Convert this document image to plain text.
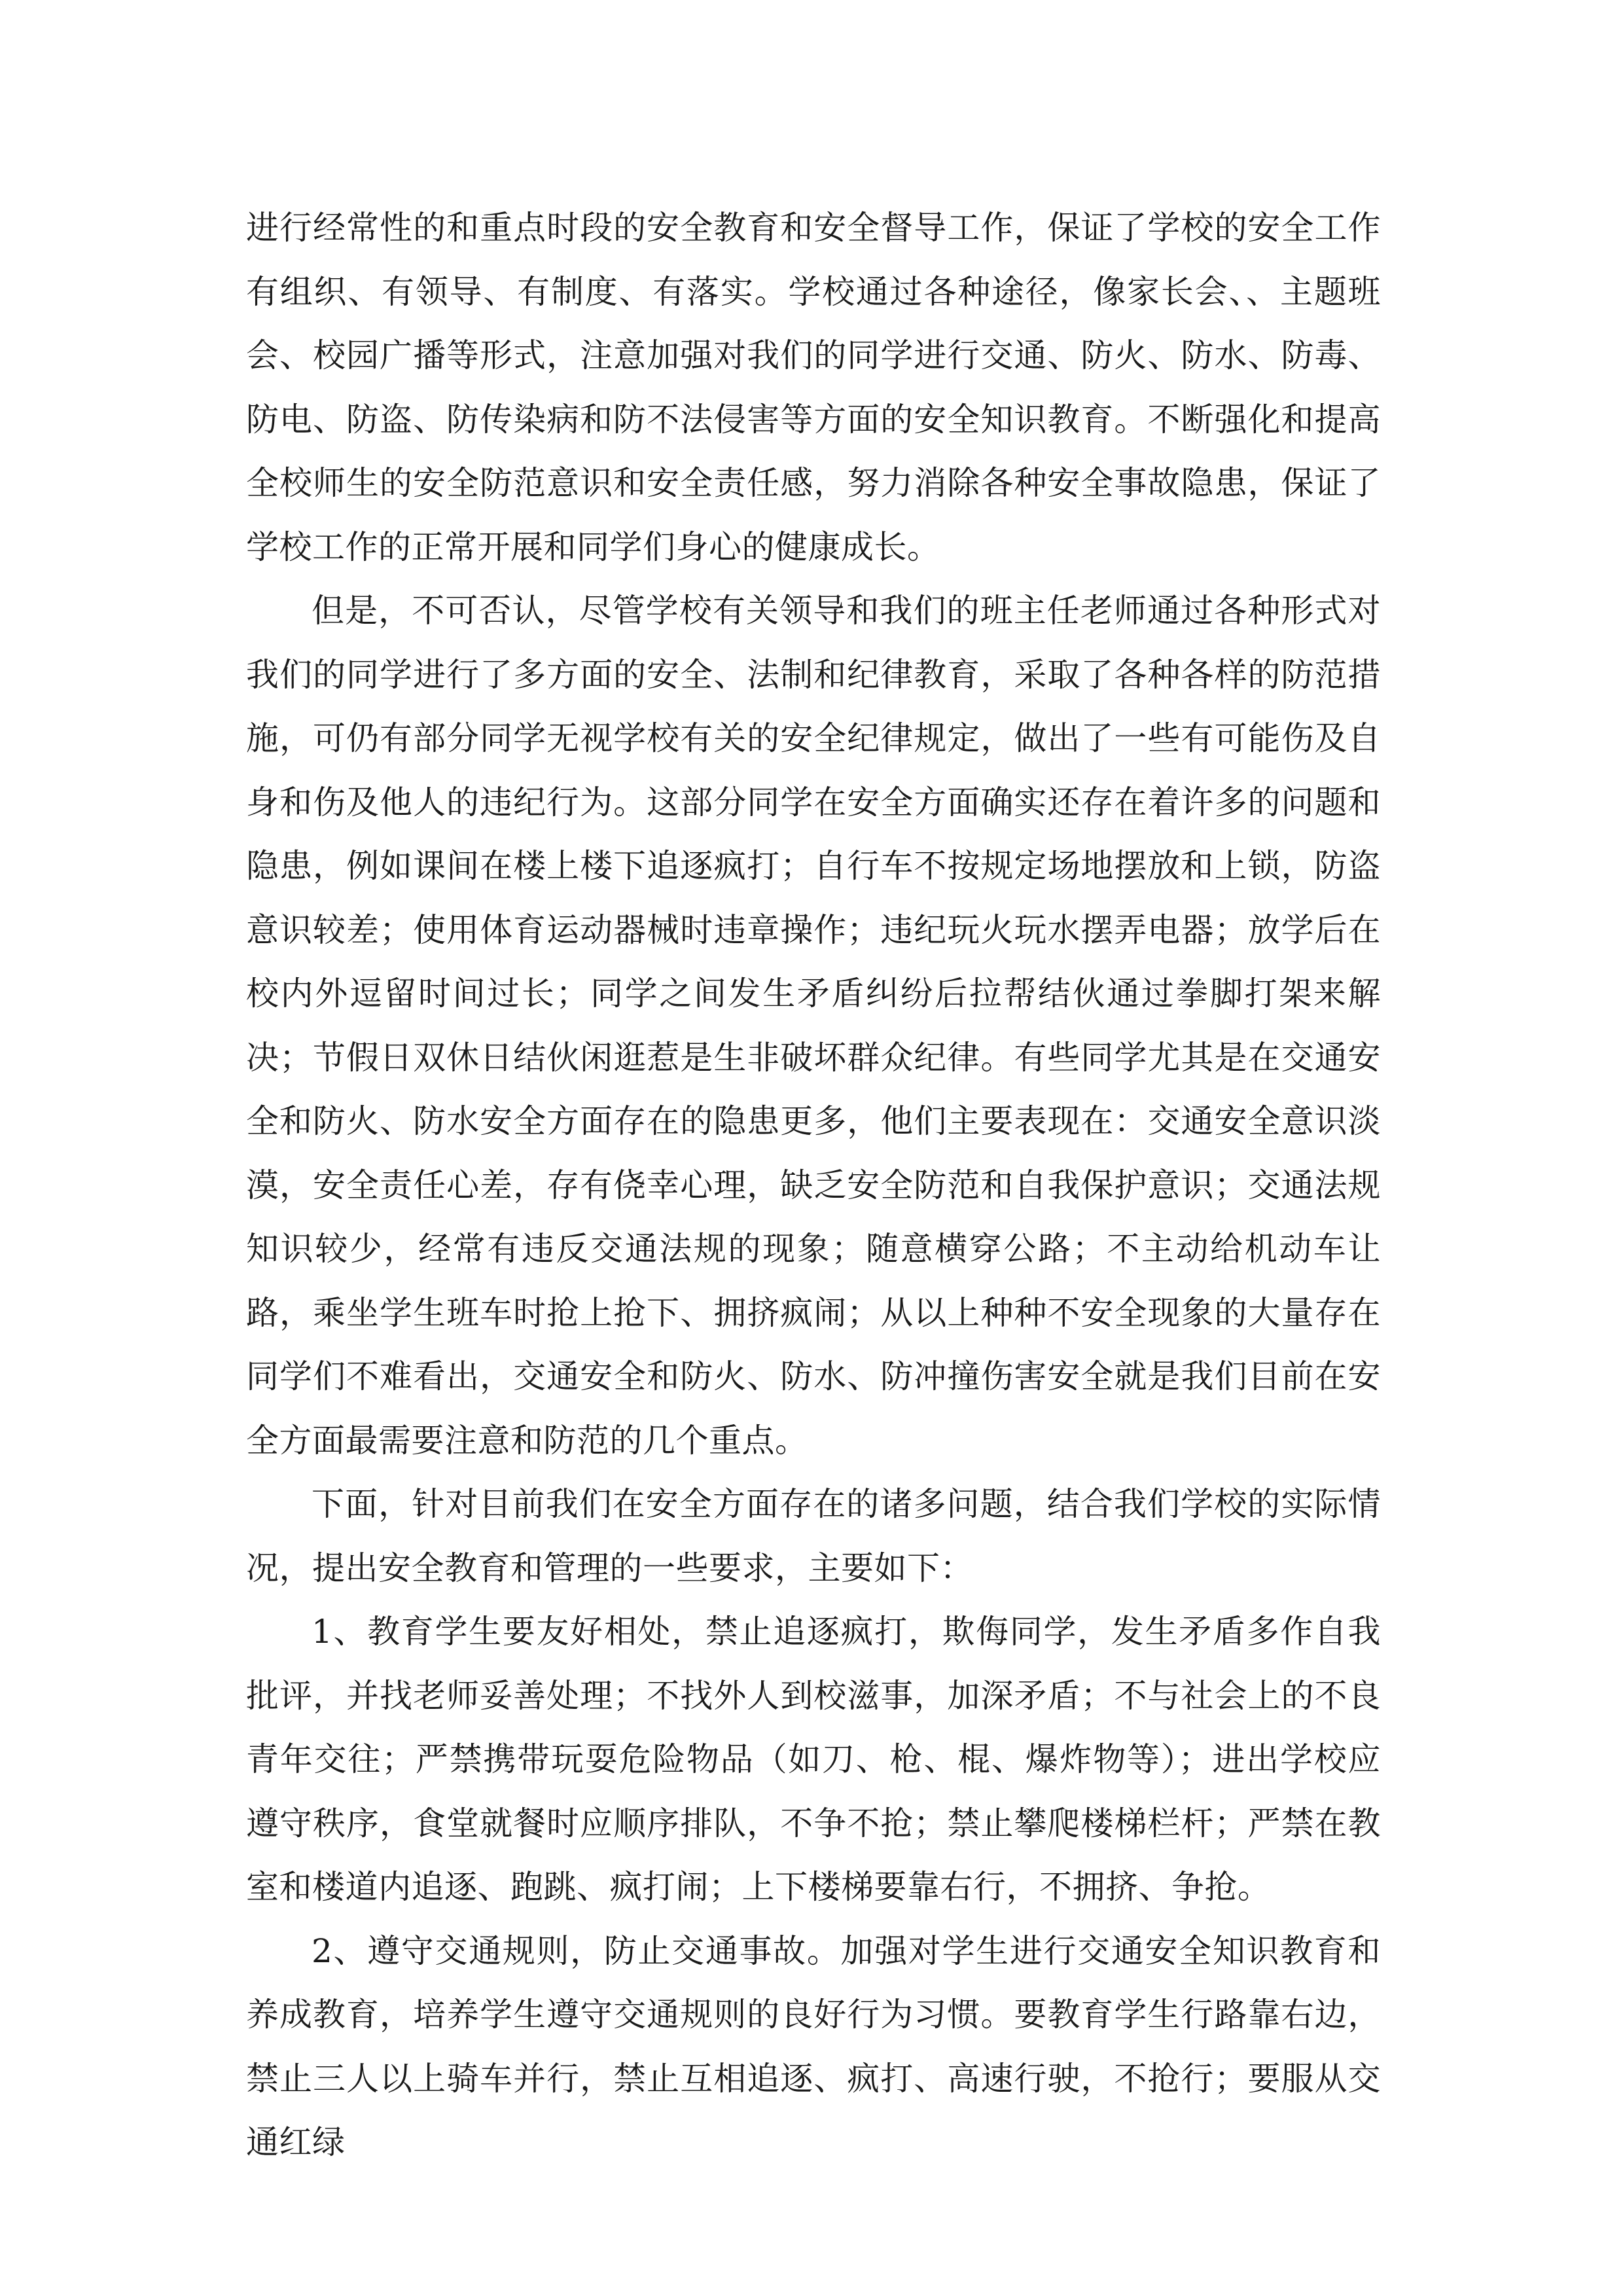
进行经常性的和重点时段的安全教育和安全督导工作，保证了学校的安全工作有组织、有领导、有制度、有落实。学校通过各种途径，像家长会、、主题班会、校园广播等形式，注意加强对我们的同学进行交通、防火、防水、防毒、防电、防盗、防传染病和防不法侵害等方面的安全知识教育。不断强化和提高全校师生的安全防范意识和安全责任感，努力消除各种安全事故隐患，保证了学校工作的正常开展和同学们身心的健康成长。

但是，不可否认，尽管学校有关领导和我们的班主任老师通过各种形式对我们的同学进行了多方面的安全、法制和纪律教育，采取了各种各样的防范措施，可仍有部分同学无视学校有关的安全纪律规定，做出了一些有可能伤及自身和伤及他人的违纪行为。这部分同学在安全方面确实还存在着许多的问题和隐患，例如课间在楼上楼下追逐疯打；自行车不按规定场地摆放和上锁，防盗意识较差；使用体育运动器械时违章操作；违纪玩火玩水摆弄电器；放学后在校内外逗留时间过长；同学之间发生矛盾纠纷后拉帮结伙通过拳脚打架来解决；节假日双休日结伙闲逛惹是生非破坏群众纪律。有些同学尤其是在交通安全和防火、防水安全方面存在的隐患更多，他们主要表现在：交通安全意识淡漠，安全责任心差，存有侥幸心理，缺乏安全防范和自我保护意识；交通法规知识较少，经常有违反交通法规的现象；随意横穿公路；不主动给机动车让路，乘坐学生班车时抢上抢下、拥挤疯闹；从以上种种不安全现象的大量存在同学们不难看出，交通安全和防火、防水、防冲撞伤害安全就是我们目前在安全方面最需要注意和防范的几个重点。

下面，针对目前我们在安全方面存在的诸多问题，结合我们学校的实际情况，提出安全教育和管理的一些要求，主要如下：

1、教育学生要友好相处，禁止追逐疯打，欺侮同学，发生矛盾多作自我批评，并找老师妥善处理；不找外人到校滋事，加深矛盾；不与社会上的不良青年交往；严禁携带玩耍危险物品（如刀、枪、棍、爆炸物等）；进出学校应遵守秩序，食堂就餐时应顺序排队，不争不抢；禁止攀爬楼梯栏杆；严禁在教室和楼道内追逐、跑跳、疯打闹；上下楼梯要靠右行，不拥挤、争抢。

2、遵守交通规则，防止交通事故。加强对学生进行交通安全知识教育和养成教育，培养学生遵守交通规则的良好行为习惯。要教育学生行路靠右边，禁止三人以上骑车并行，禁止互相追逐、疯打、高速行驶，不抢行；要服从交通红绿
